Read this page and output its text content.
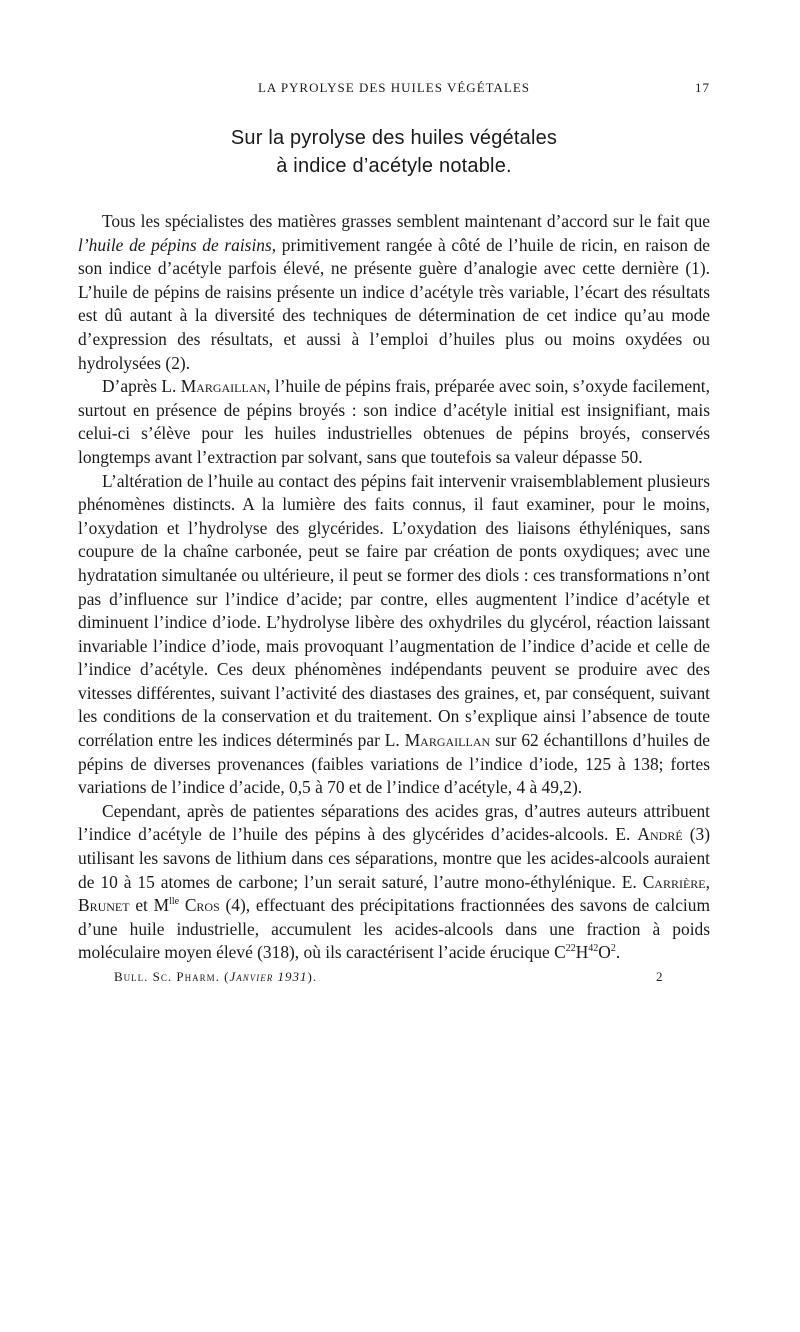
LA PYROLYSE DES HUILES VÉGÉTALES	17
Sur la pyrolyse des huiles végétales
à indice d’acétyle notable.

Tous les spécialistes des matières grasses semblent maintenant d’accord sur le fait que l’huile de pépins de raisins, primitivement rangée à côté de l’huile de ricin, en raison de son indice d’acétyle parfois élevé, ne présente guère d’analogie avec cette dernière (1). L’huile de pépins de raisins présente un indice d’acétyle très variable, l’écart des résultats est dû autant à la diversité des techniques de détermination de cet indice qu’au mode d’expression des résultats, et aussi à l’emploi d’huiles plus ou moins oxydées ou hydrolysées (2).

D’après L. Margaillan, l’huile de pépins frais, préparée avec soin, s’oxyde facilement, surtout en présence de pépins broyés : son indice d’acétyle initial est insignifiant, mais celui-ci s’élève pour les huiles industrielles obtenues de pépins broyés, conservés longtemps avant l’extraction par solvant, sans que toutefois sa valeur dépasse 50.

L’altération de l’huile au contact des pépins fait intervenir vraisemblablement plusieurs phénomènes distincts. A la lumière des faits connus, il faut examiner, pour le moins, l’oxydation et l’hydrolyse des glycérides. L’oxydation des liaisons éthyléniques, sans coupure de la chaîne carbonée, peut se faire par création de ponts oxydiques; avec une hydratation simultanée ou ultérieure, il peut se former des diols : ces transformations n’ont pas d’influence sur l’indice d’acide; par contre, elles augmentent l’indice d’acétyle et diminuent l’indice d’iode. L’hydrolyse libère des oxhydriles du glycérol, réaction laissant invariable l’indice d’iode, mais provoquant l’augmentation de l’indice d’acide et celle de l’indice d’acétyle. Ces deux phénomènes indépendants peuvent se produire avec des vitesses différentes, suivant l’activité des diastases des graines, et, par conséquent, suivant les conditions de la conservation et du traitement. On s’explique ainsi l’absence de toute corrélation entre les indices déterminés par L. Margaillan sur 62 échantillons d’huiles de pépins de diverses provenances (faibles variations de l’indice d’iode, 125 à 138; fortes variations de l’indice d’acide, 0,5 à 70 et de l’indice d’acétyle, 4 à 49,2).

Cependant, après de patientes séparations des acides gras, d’autres auteurs attribuent l’indice d’acétyle de l’huile des pépins à des glycérides d’acides-alcools. E. André (3) utilisant les savons de lithium dans ces séparations, montre que les acides-alcools auraient de 10 à 15 atomes de carbone; l’un serait saturé, l’autre mono-éthylénique. E. Carrière, Brunet et $M^{lle}$ Cros (4), effectuant des précipitations fractionnées des savons de calcium d’une huile industrielle, accumulent les acides-alcools dans une fraction à poids moléculaire moyen élevé (318), où ils caractérisent l’acide érucique $C^{22}H^{42}O^2$.

Bull. Sc. Pharm. (Janvier 1931).	2
